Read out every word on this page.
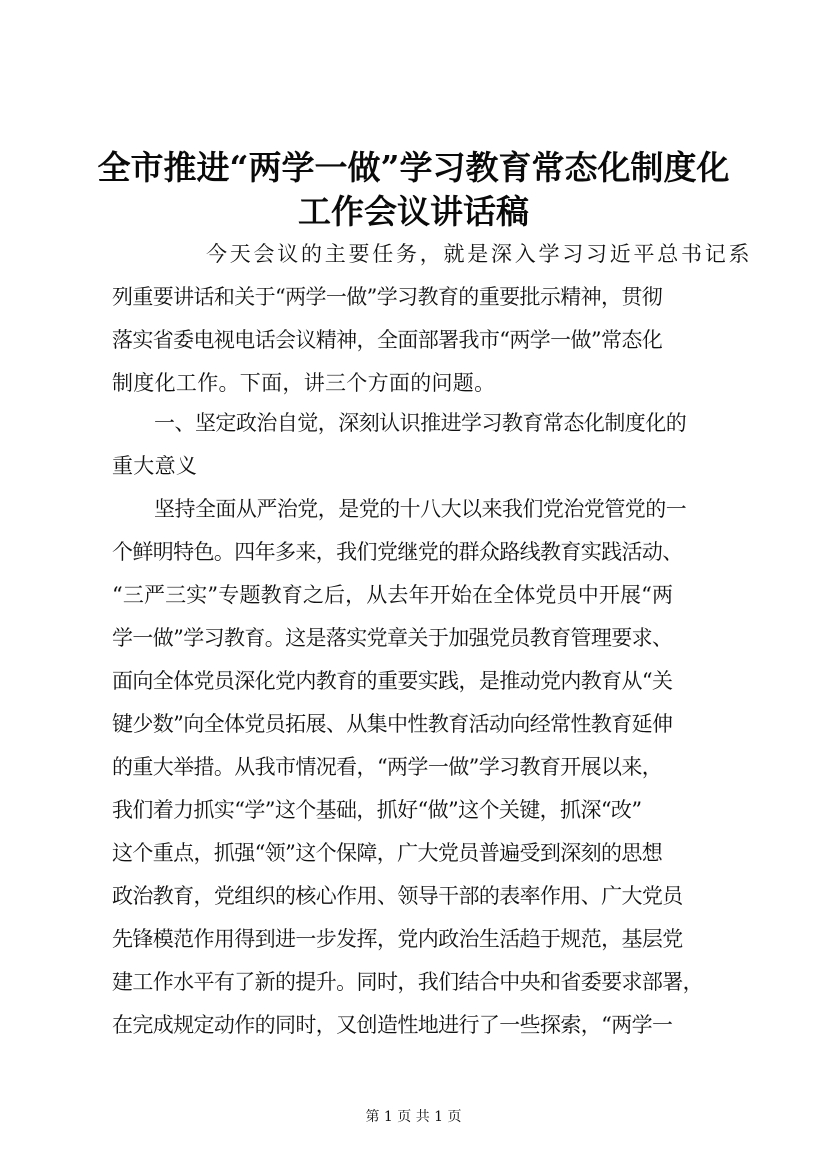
全市推进“两学一做”学习教育常态化制度化
工作会议讲话稿
今天会议的主要任务，就是深入学习习近平总书记系
列重要讲话和关于“两学一做”学习教育的重要批示精神，贯彻
落实省委电视电话会议精神，全面部署我市“两学一做”常态化
制度化工作。下面，讲三个方面的问题。
一、坚定政治自觉，深刻认识推进学习教育常态化制度化的
重大意义
坚持全面从严治党，是党的十八大以来我们党治党管党的一
个鲜明特色。四年多来，我们党继党的群众路线教育实践活动、
“三严三实”专题教育之后，从去年开始在全体党员中开展“两
学一做”学习教育。这是落实党章关于加强党员教育管理要求、
面向全体党员深化党内教育的重要实践，是推动党内教育从“关
键少数”向全体党员拓展、从集中性教育活动向经常性教育延伸
的重大举措。从我市情况看，“两学一做”学习教育开展以来，
我们着力抓实“学”这个基础，抓好“做”这个关键，抓深“改”
这个重点，抓强“领”这个保障，广大党员普遍受到深刻的思想
政治教育，党组织的核心作用、领导干部的表率作用、广大党员
先锋模范作用得到进一步发挥，党内政治生活趋于规范，基层党
建工作水平有了新的提升。同时，我们结合中央和省委要求部署，
在完成规定动作的同时，又创造性地进行了一些探索，“两学一
第 1 页 共 1 页
